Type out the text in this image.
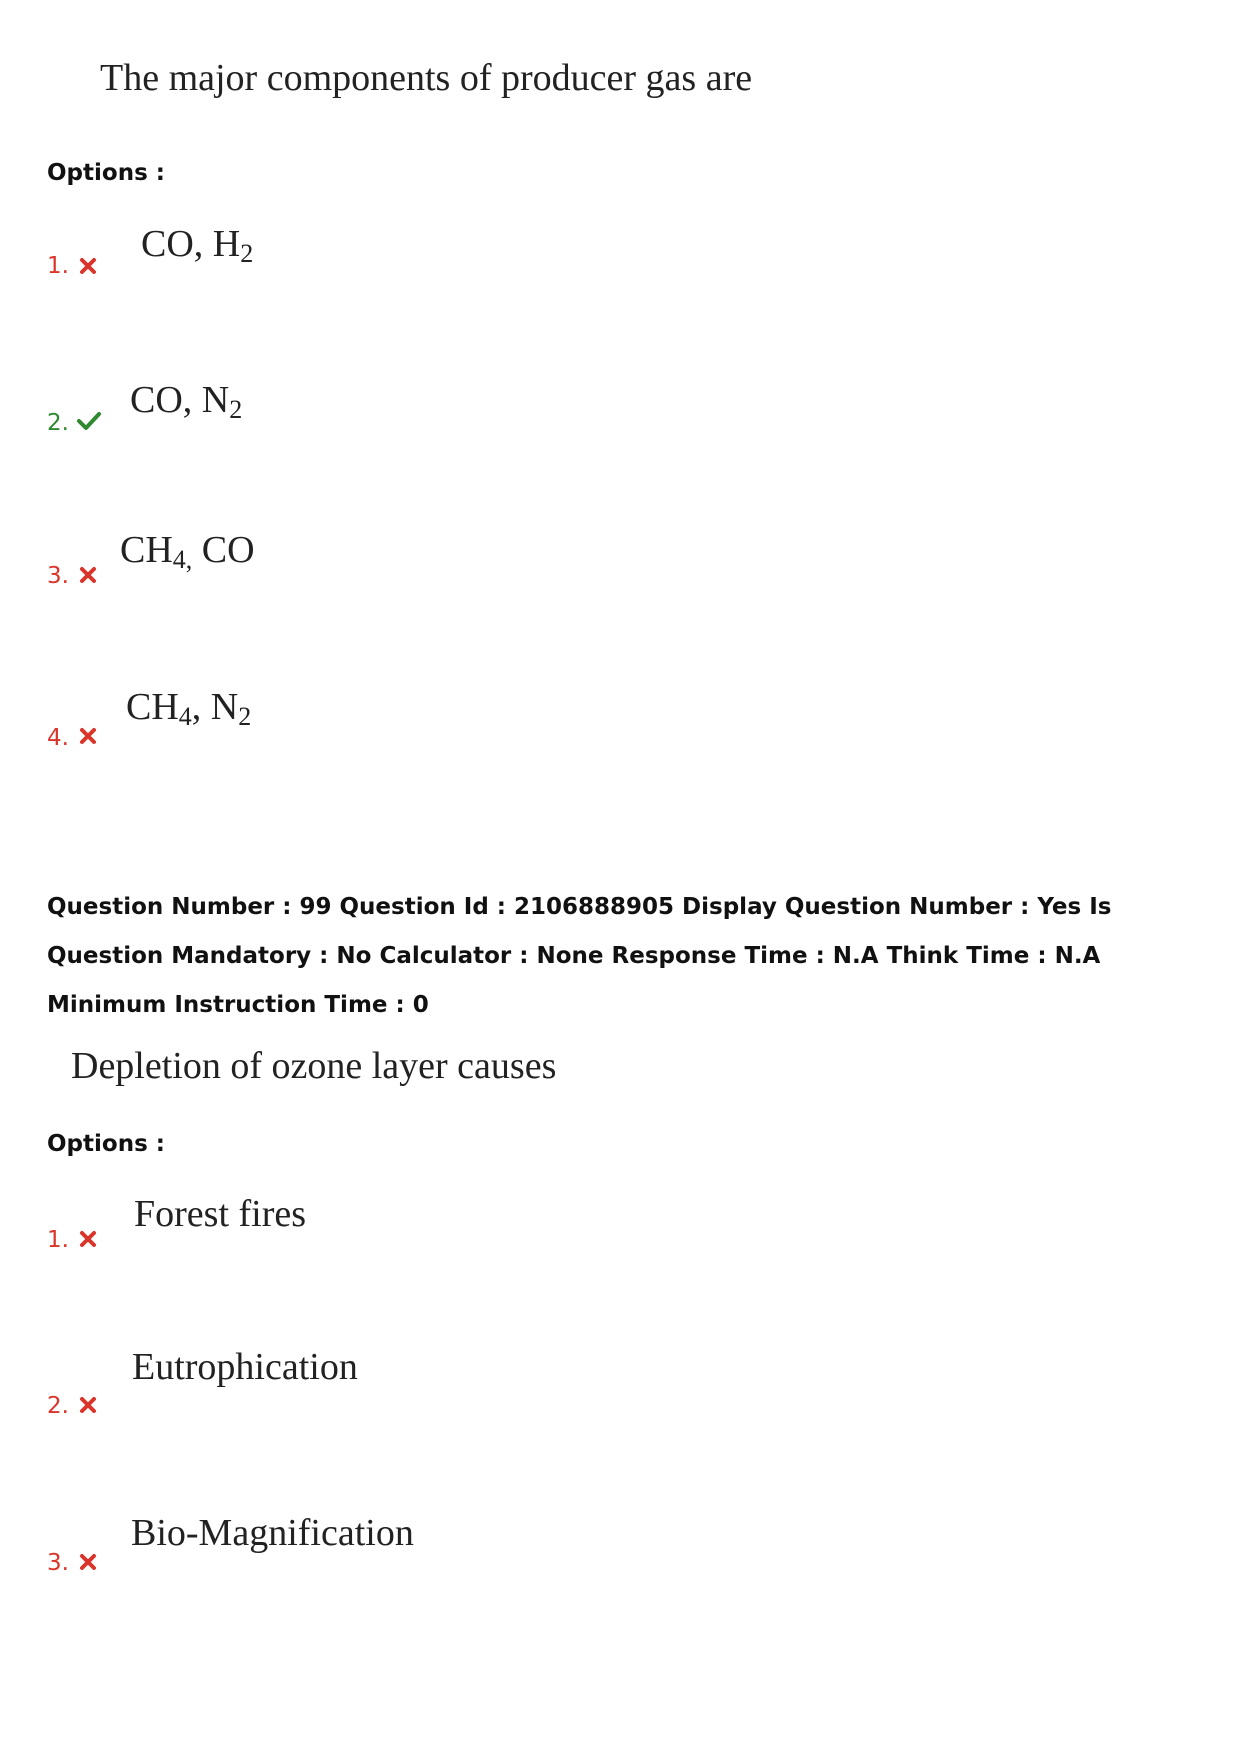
The major components of producer gas are
Options :
1.
CO, $H_2$
2.
CO, $N_2$
3.
$CH_{4,}$ CO
4.
$CH_4$, $N_2$
Question Number : 99 Question Id : 2106888905 Display Question Number : Yes Is Question Mandatory : No Calculator : None Response Time : N.A Think Time : N.A Minimum Instruction Time : 0
Depletion of ozone layer causes
Options :
1.
Forest fires
2.
Eutrophication
3.
Bio-Magnification
